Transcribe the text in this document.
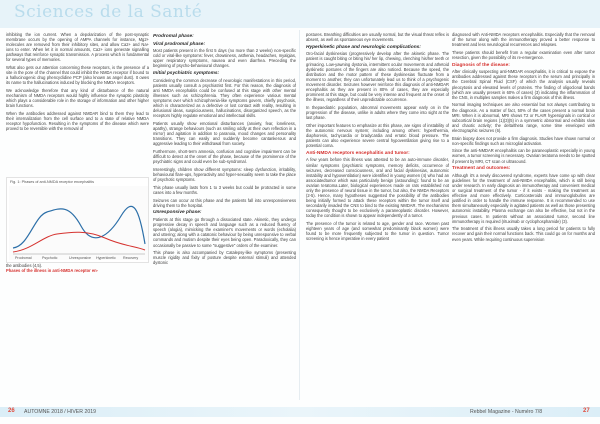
Sciences de la Santé

inhibiting the ion current. When a depolarization of the post-synaptic membrane occurs by the opening of AMPA channels for instance, Mg2+ molecules are removed from their inhibitory sites, and allow Ca2+ and Na+ ions to enter. When let it in normal amounts, Ca2+ ions generate signalling pathways that reinforce synaptic transmission. A process which is fundamental for several types of memories.

What also gets our attention concerning these receptors, is the presence of a site in the pore of the channel that could inhibit the NMDA receptor if bound to a hallucinogenic drug phencyclidine PCP (also known as angel dust). It owes its name to the hallucinations induced by blocking the NMDA receptors.

We acknowledge therefore that any kind of disturbance of the natural mechanism of NMDA receptors would highly influence the synaptic plasticity which plays a considerable role in the storage of information and other higher brain functions.

When the antibodies addressed against NMDAR bind to them they lead to their internalization from the cell surface and to a state of relative NMDA receptor hypofunction. Resulting in the symptoms of the disease which were proved to be reversible with the removal of

Prodromal phase:
Viral prodromal phase:

Most patients present in the first 5 days (no more than 2 weeks) non-specific cold or viral-like symptoms: fever, drowsiness, asthenia, headaches, myalgias, upper respiratory symptoms, nausea and even diarrhea. Preceding the beginning of psycho-behavioural changes.

Initial psychiatric symptoms:

Considering the common decrease of neurologic manifestations in this period, patients usually consult a psychiatrist first. For this reason, the diagnosis of anti NMDA encephalitis could be confused at this stage with other mental illnesses such as schizophrenia. They often experience various mental symptoms over which schizophrenia-like symptoms govern, chiefly psychosis, which is characterized as a defective or lost contact with reality, resulting in delusional ideas, suspiciousness, hallucinations, disorganized speech, as the receptors highly regulate emotional and intellectual skills.

Patients usually show emotional disturbances (anxiety, fear, loneliness, apathy), strange behaviours (such as smiling oddly at their own reflection in a mirror) and agitation in addition to paranoia, mood changes and personality transitions. They can easily and suddenly become cantankerous and aggressive leading to their withdrawal from society.

Furthermore, short-term amnesia, confusion and cognitive impairment can be difficult to detect at the onset of the phase, because of the prominence of the psychiatric signs and could even be sub-syndromal.

Interestingly, children show different symptoms: sleep dysfunction, irritability, behavioural flare-ups, hyperactivity and hyper-sexuality seem to take the place of psychotic symptoms.

This phase usually lasts from 1 to 3 weeks but could be protracted in some cases into a few months.

Seizures can occur at this phase and the patients fall into unresponsiveness driving them to the hospital.

Unresponsive phase:

Patients at this stage go through a dissociated state. Akinetic, they undergo progressive decay in speech and language such as a reduced fluency of speech (alogia), mimicking the examiner's movements or words (echolalia) and uttering; along with a catatonic behaviour by being unresponsive to verbal commands and mutism despite their eyes being open. Paradoxically, they can occasionally be passive to some "suggestive" orders of the examiner.

This phase is also accompanied by Catalepsy-like symptoms (presenting muscle rigidity and fixity of posture despite external stimuli) and attended dystonic

postures. Breathing difficulties are usually normal, but the visual threat reflex is absent, as well as spontaneous eye movements.

Hyperkinetic phase and neurologic complications:

Oro-facial dyskinesias (progressively develop after the akinetic phase. The patient is caught biting or biting his/ her lip, chewing, clenching his/her teeth or grimacing. Low-yawning dystonia, intermittent ocular movements and athetoid dyskinetic postures of the fingers are also noticed. Because the speed, the distribution and the motor pattern of these dyskinesias fluctuate from a moment to another, they can unfortunately lead us to think of a psychogenic movement disorder. Seizures however reinforce this diagnosis of anti-NMDAR encephalitis as they are present in 80% of cases, they are especially prominent at this stage, but could be very intense and frequent at the onset of the illness, regardless of their unpredictable occurrence.

In thepaediatric population, abnormal movements appear early on in the progression of the disease, unlike in adults where they come into sight at the last phase.

Other important features to emphasize at this phase, are signs of instability of the autonomic nervous system; including among others: hyperthermia, diaphoresis, tachycardia or bradycardia and erratic blood pressure. The patients can also experience severe central hypoventilation giving rise to a potential coma.

Anti-NMDA receptors encephalitis and tumor:

A few years before this illness was attested to be an auto-immune disorder, similar symptoms (psychiatric symptoms, memory deficits, occurrence of seizures, decreased consciousness, oral and facial dyskinesias, autonomic instability and hypoventilation) were identified in young women (4) who had an associatedtumor which was particularly benign (astounding): found to be an ovarian teratoma.Later, biological experiences made on rats established not only the presence of neural tissue in the tumor, but also, the NMDA Receptors (2-5). Hence, many hypotheses suggested the possibility of the antibodies being initially formed to attack these receptors within the tumor itself and secondarily invaded the CNS to bind to the existing NMDAR. The mechanisms consequently thought to be exclusively a paraneoplastic disorder. However, today the condition is shown to appear independently of a tumor.

The presence of the tumor is related to age, gender and race. Women past eighteen years of age (and somewhat predominantly black women) were found to be more frequently subjected to the tumor in question. Tumor screening is hence imperative in every patient

diagnosed with Anti-NMDA receptors encephalitis. Especially that the removal of the tumor along with the immunotherapy proved a better response to treatment and less neurological recurrences and relapses.

These patients should benefit from a regular examination even after tumor resection, given the possibility of its re-emergence.

Diagnosis of the disease:

After clinically suspecting anti-NMDAR encephalitis, it is critical to expose the antibodies addressed against these receptors in the serum and principally in the Cerebral Spinal Fluid (CSF) of which the analysis usually reveals pleocytosis and elevated levels of proteins. The finding of oligoclonal bands (which are usually present in 60% of cases) (3) indicating the inflammation of the CNS, in multiples samples makes a firm diagnosis of this illness.

Normal imaging techniques are also essential but not always contributing to the diagnosis. As a matter of fact, 50% of the cases present a normal brain MRI. When it is abnormal, MRI shows T2 or FLAIR hypersignals in cortical or subcortical brain regions (1)(3)(5) in a symmetric abnormal and exhibits slow and chaotic activity; the delta/theta range, some time enveloped with electrographic seizures (6).

Brain biopsy does not provide a firm diagnosis. Studies have shown normal or non-specific findings such as microglial activation.

Since the anti-NMDAR encephalitis can be paraneoplastic especially in young women, a tumor screening is necessary. Ovarian teratoma needs to be spotted if present by MRI, CT scan or ultrasound.

Treatment and outcomes:

Although it's a newly discovered syndrome, experts have come up with clear guidelines for the treatment of anti-NMDA encephalitis, which is still being under research. In early diagnosis an immunotherapy and convenient medical or surgical treatment of the tumor - if it exists - making the treatment as effective and more effectively. Corticosteroids and immunoglobulins are justified in order to handle the immune response. It is recommended to use them simultaneously especially in agitated patients as well as those presenting autonomic instability. Plasma exchange can also be effective, but not in the previous cases. In patients without an associated tumor, second line immunotherapy is required (rituximab or cyclophosphamide) (3).

The treatment of this illness usually takes a long period for patients to fully recover and gain their normal functions back. This could go on for months and even years. While requiring continuous supervision

Fig. 1: Phases of anti-NMDA receptor encephalitis
Prodromal	Psychotic	Unresponsive Hyperkinetic Recovery
the antibodies (4,5).
Phases of the illness in anti-NMDA receptor en-
26 AUTOMNE 2018 / HIVER 2019	Rebbel Magazine - Numéro 7/8	27
